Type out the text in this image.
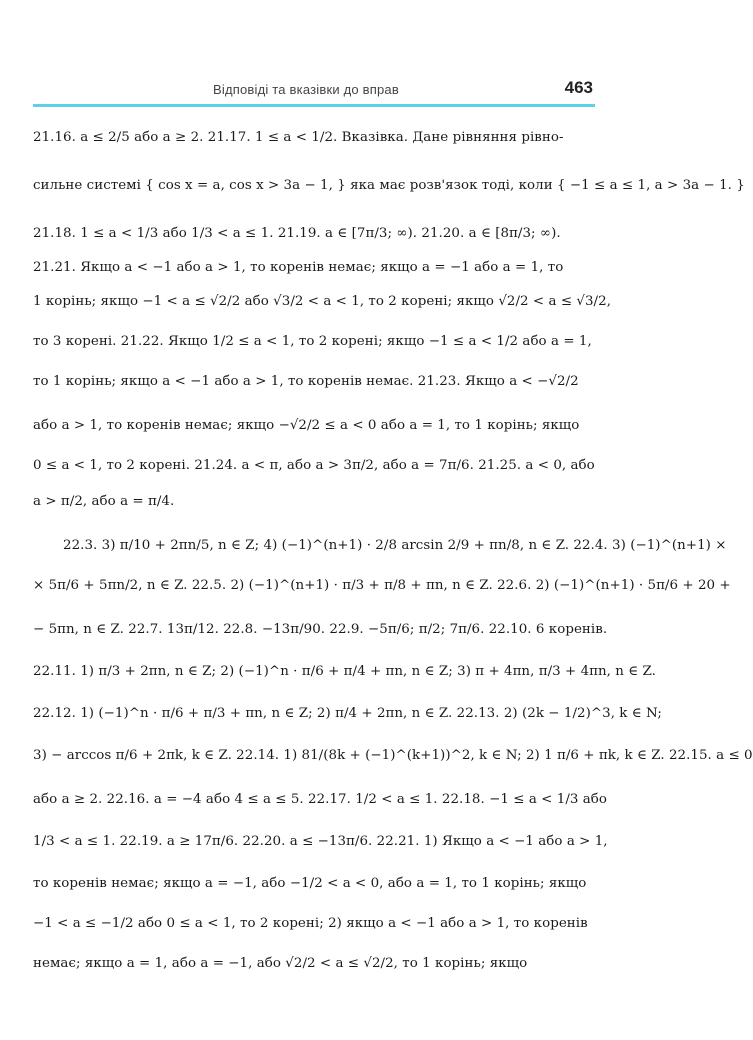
Відповіді та вказівки до вправ	463
21.16. a ≤ 2/5 або a ≥ 2. 21.17. 1 ≤ a < 1/2. Вказівка. Дане рівняння рівно-
сильне системі { cos x = a, cos x > 3a − 1, } яка має розв'язок тоді, коли { −1 ≤ a ≤ 1, a > 3a − 1. }
21.18. 1 ≤ a < 1/3 або 1/3 < a ≤ 1. 21.19. a ∈ [7π/3; ∞). 21.20. a ∈ [8π/3; ∞).
21.21. Якщо a < −1 або a > 1, то коренів немає; якщо a = −1 або a = 1, то
1 корінь; якщо −1 < a ≤ √2/2 або √3/2 < a < 1, то 2 корені; якщо √2/2 < a ≤ √3/2,
то 3 корені. 21.22. Якщо 1/2 ≤ a < 1, то 2 корені; якщо −1 ≤ a < 1/2 або a = 1,
то 1 корінь; якщо a < −1 або a > 1, то коренів немає. 21.23. Якщо a < −√2/2
або a > 1, то коренів немає; якщо −√2/2 ≤ a < 0 або a = 1, то 1 корінь; якщо
0 ≤ a < 1, то 2 корені. 21.24. a < π, або a > 3π/2, або a = 7π/6. 21.25. a < 0, або
a > π/2, або a = π/4.
22.3. 3) π/10 + 2πn/5, n ∈ Z; 4) (−1)^(n+1) · 2/8 arcsin 2/9 + πn/8, n ∈ Z. 22.4. 3) (−1)^(n+1) ×
× 5π/6 + 5πn/2, n ∈ Z. 22.5. 2) (−1)^(n+1) · π/3 + π/8 + πn, n ∈ Z. 22.6. 2) (−1)^(n+1) · 5π/6 + 20 +
− 5πn, n ∈ Z. 22.7. 13π/12. 22.8. −13π/90. 22.9. −5π/6; π/2; 7π/6. 22.10. 6 коренів.
22.11. 1) π/3 + 2πn, n ∈ Z; 2) (−1)^n · π/6 + π/4 + πn, n ∈ Z; 3) π + 4πn, π/3 + 4πn, n ∈ Z.
22.12. 1) (−1)^n · π/6 + π/3 + πn, n ∈ Z; 2) π/4 + 2πn, n ∈ Z. 22.13. 2) (2k − 1/2)^3, k ∈ N;
3) − arccos π/6 + 2πk, k ∈ Z. 22.14. 1) 81/(8k + (−1)^(k+1))^2, k ∈ N; 2) 1 π/6 + πk, k ∈ Z. 22.15. a ≤ 0
або a ≥ 2. 22.16. a = −4 або 4 ≤ a ≤ 5. 22.17. 1/2 < a ≤ 1. 22.18. −1 ≤ a < 1/3 або
1/3 < a ≤ 1. 22.19. a ≥ 17π/6. 22.20. a ≤ −13π/6. 22.21. 1) Якщо a < −1 або a > 1,
то коренів немає; якщо a = −1, або −1/2 < a < 0, або a = 1, то 1 корінь; якщо
−1 < a ≤ −1/2 або 0 ≤ a < 1, то 2 корені; 2) якщо a < −1 або a > 1, то коренів
немає; якщо a = 1, або a = −1, або √2/2 < a ≤ √2/2, то 1 корінь; якщо
